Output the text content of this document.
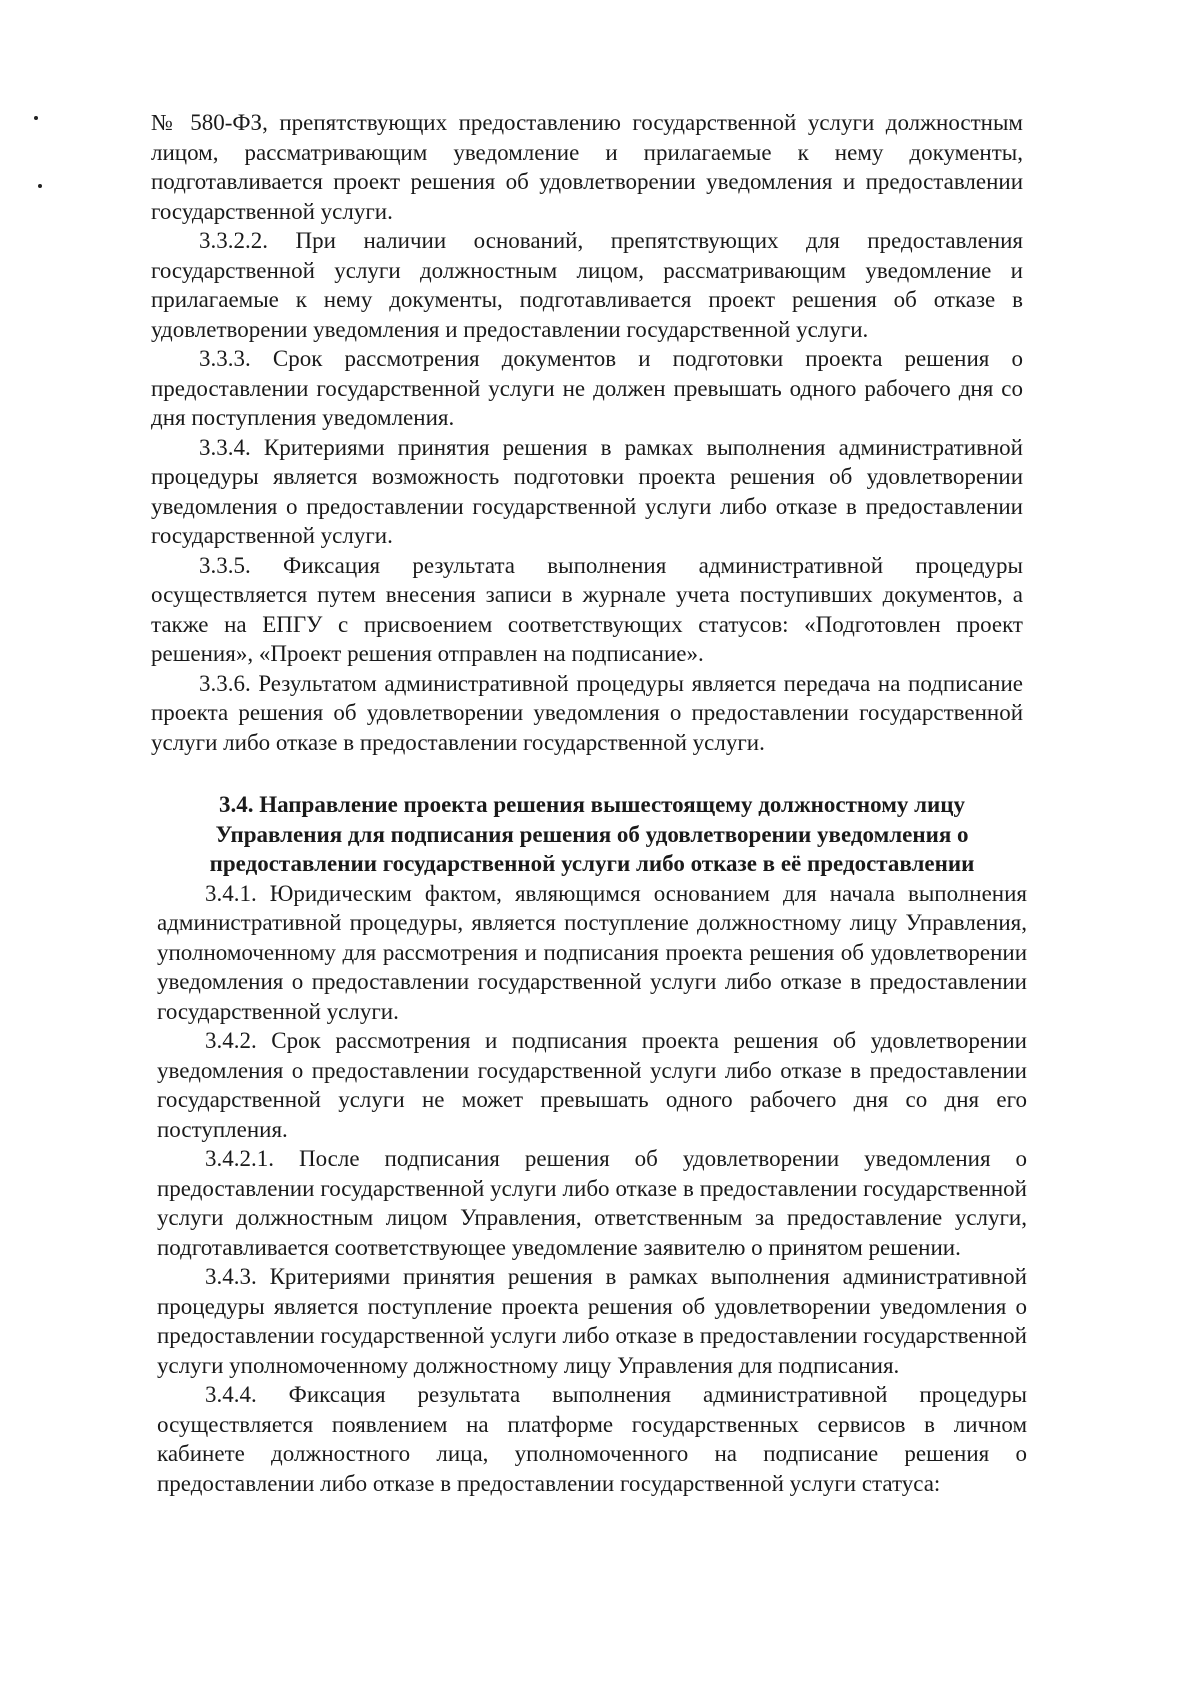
№ 580-ФЗ, препятствующих предоставлению государственной услуги должностным лицом, рассматривающим уведомление и прилагаемые к нему документы, подготавливается проект решения об удовлетворении уведомления и предоставлении государственной услуги.

3.3.2.2. При наличии оснований, препятствующих для предоставления государственной услуги должностным лицом, рассматривающим уведомление и прилагаемые к нему документы, подготавливается проект решения об отказе в удовлетворении уведомления и предоставлении государственной услуги.

3.3.3. Срок рассмотрения документов и подготовки проекта решения о предоставлении государственной услуги не должен превышать одного рабочего дня со дня поступления уведомления.

3.3.4. Критериями принятия решения в рамках выполнения административной процедуры является возможность подготовки проекта решения об удовлетворении уведомления о предоставлении государственной услуги либо отказе в предоставлении государственной услуги.

3.3.5. Фиксация результата выполнения административной процедуры осуществляется путем внесения записи в журнале учета поступивших документов, а также на ЕПГУ с присвоением соответствующих статусов: «Подготовлен проект решения», «Проект решения отправлен на подписание».

3.3.6. Результатом административной процедуры является передача на подписание проекта решения об удовлетворении уведомления о предоставлении государственной услуги либо отказе в предоставлении государственной услуги.

3.4. Направление проекта решения вышестоящему должностному лицу Управления для подписания решения об удовлетворении уведомления о предоставлении государственной услуги либо отказе в её предоставлении

3.4.1. Юридическим фактом, являющимся основанием для начала выполнения административной процедуры, является поступление должностному лицу Управления, уполномоченному для рассмотрения и подписания проекта решения об удовлетворении уведомления о предоставлении государственной услуги либо отказе в предоставлении государственной услуги.

3.4.2. Срок рассмотрения и подписания проекта решения об удовлетворении уведомления о предоставлении государственной услуги либо отказе в предоставлении государственной услуги не может превышать одного рабочего дня со дня его поступления.

3.4.2.1. После подписания решения об удовлетворении уведомления о предоставлении государственной услуги либо отказе в предоставлении государственной услуги должностным лицом Управления, ответственным за предоставление услуги, подготавливается соответствующее уведомление заявителю о принятом решении.

3.4.3. Критериями принятия решения в рамках выполнения административной процедуры является поступление проекта решения об удовлетворении уведомления о предоставлении государственной услуги либо отказе в предоставлении государственной услуги уполномоченному должностному лицу Управления для подписания.

3.4.4. Фиксация результата выполнения административной процедуры осуществляется появлением на платформе государственных сервисов в личном кабинете должностного лица, уполномоченного на подписание решения о предоставлении либо отказе в предоставлении государственной услуги статуса:
